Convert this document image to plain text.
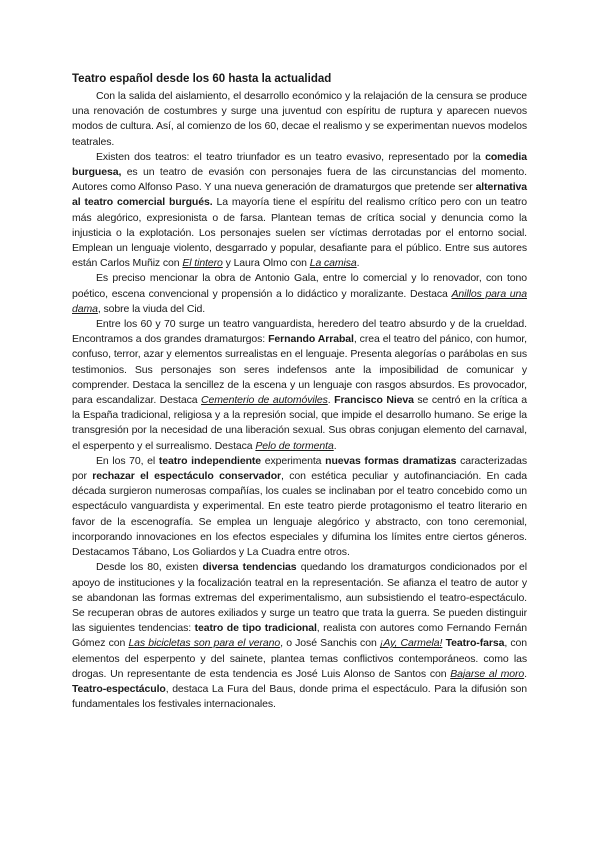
Teatro español desde los 60 hasta la actualidad

Con la salida del aislamiento, el desarrollo económico y la relajación de la censura se produce una renovación de costumbres y surge una juventud con espíritu de ruptura y aparecen nuevos modos de cultura. Así, al comienzo de los 60, decae el realismo y se experimentan nuevos modelos teatrales.

Existen dos teatros: el teatro triunfador es un teatro evasivo, representado por la comedia burguesa, es un teatro de evasión con personajes fuera de las circunstancias del momento. Autores como Alfonso Paso. Y una nueva generación de dramaturgos que pretende ser alternativa al teatro comercial burgués. La mayoría tiene el espíritu del realismo crítico pero con un teatro más alegórico, expresionista o de farsa. Plantean temas de crítica social y denuncia como la injusticia o la explotación. Los personajes suelen ser víctimas derrotadas por el entorno social. Emplean un lenguaje violento, desgarrado y popular, desafiante para el público. Entre sus autores están Carlos Muñiz con El tintero y Laura Olmo con La camisa.

Es preciso mencionar la obra de Antonio Gala, entre lo comercial y lo renovador, con tono poético, escena convencional y propensión a lo didáctico y moralizante. Destaca Anillos para una dama, sobre la viuda del Cid.

Entre los 60 y 70 surge un teatro vanguardista, heredero del teatro absurdo y de la crueldad. Encontramos a dos grandes dramaturgos: Fernando Arrabal, crea el teatro del pánico, con humor, confuso, terror, azar y elementos surrealistas en el lenguaje. Presenta alegorías o parábolas en sus testimonios. Sus personajes son seres indefensos ante la imposibilidad de comunicar y comprender. Destaca la sencillez de la escena y un lenguaje con rasgos absurdos. Es provocador, para escandalizar. Destaca Cementerio de automóviles. Francisco Nieva se centró en la crítica a la España tradicional, religiosa y a la represión social, que impide el desarrollo humano. Se erige la transgresión por la necesidad de una liberación sexual. Sus obras conjugan elemento del carnaval, el esperpento y el surrealismo. Destaca Pelo de tormenta.

En los 70, el teatro independiente experimenta nuevas formas dramatizas caracterizadas por rechazar el espectáculo conservador, con estética peculiar y autofinanciación. En cada década surgieron numerosas compañías, los cuales se inclinaban por el teatro concebido como un espectáculo vanguardista y experimental. En este teatro pierde protagonismo el teatro literario en favor de la escenografía. Se emplea un lenguaje alegórico y abstracto, con tono ceremonial, incorporando innovaciones en los efectos especiales y difumina los límites entre ciertos géneros. Destacamos Tábano, Los Goliardos y La Cuadra entre otros.

Desde los 80, existen diversa tendencias quedando los dramaturgos condicionados por el apoyo de instituciones y la focalización teatral en la representación. Se afianza el teatro de autor y se abandonan las formas extremas del experimentalismo, aun subsistiendo el teatro-espectáculo. Se recuperan obras de autores exiliados y surge un teatro que trata la guerra. Se pueden distinguir las siguientes tendencias: teatro de tipo tradicional, realista con autores como Fernando Fernán Gómez con Las bicicletas son para el verano, o José Sanchis con ¡Ay, Carmela! Teatro-farsa, con elementos del esperpento y del sainete, plantea temas conflictivos contemporáneos. como las drogas. Un representante de esta tendencia es José Luis Alonso de Santos con Bajarse al moro. Teatro-espectáculo, destaca La Fura del Baus, donde prima el espectáculo. Para la difusión son fundamentales los festivales internacionales.
